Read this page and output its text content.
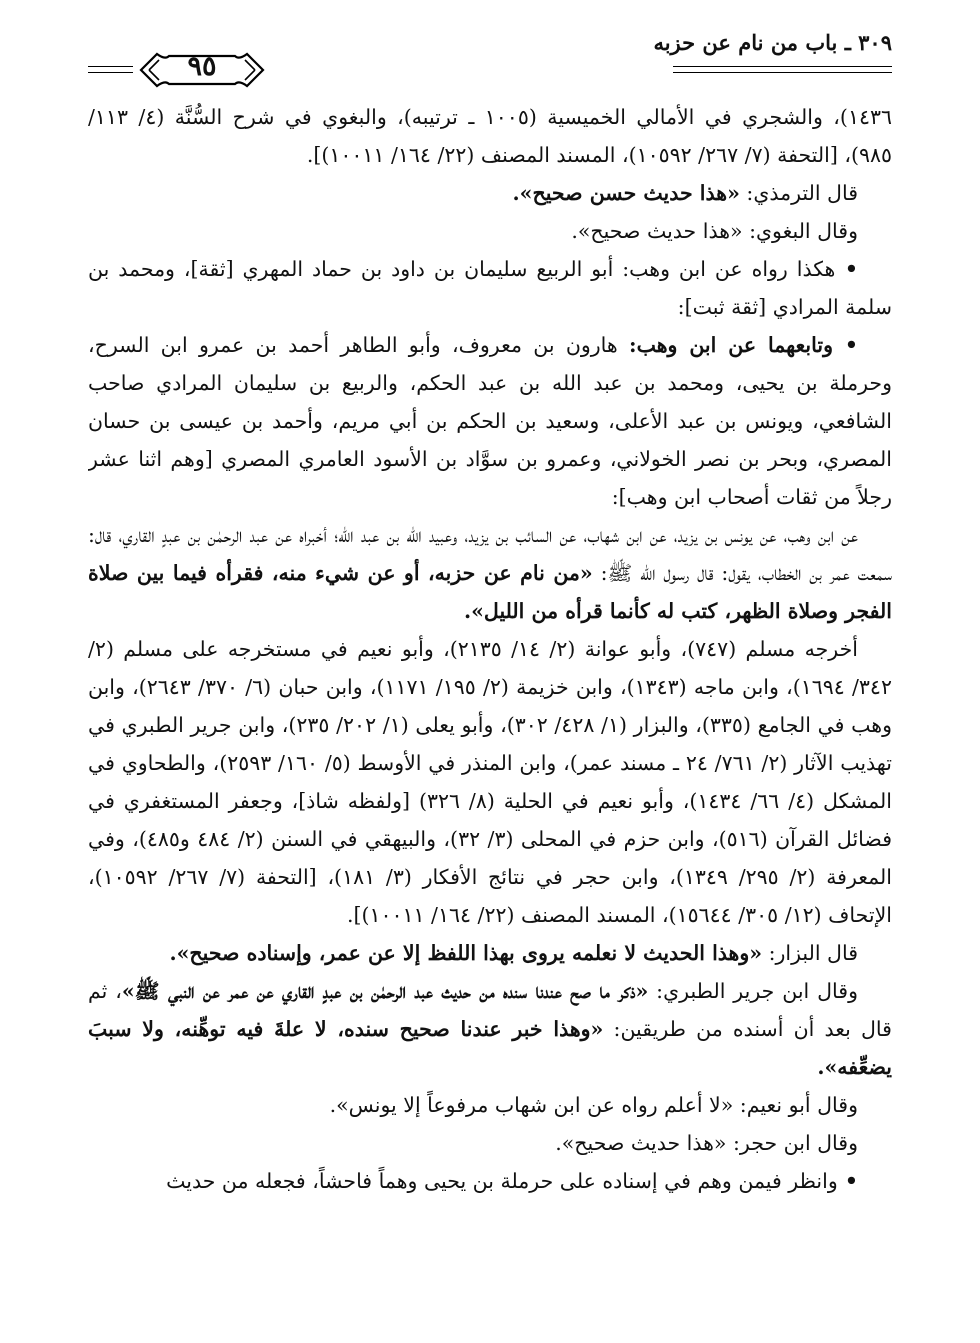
٣٠٩ ـ باب من نام عن حزبه
٩٥

١٤٣٦)، والشجري في الأمالي الخميسية (١٠٠٥ ـ ترتيبه)، والبغوي في شرح السُّنَّة (٤/ ١١٣/ ٩٨٥)، [التحفة (٧/ ٢٦٧/ ١٠٥٩٢)، المسند المصنف (٢٢/ ١٦٤/ ١٠٠١١)].

قال الترمذي: «هذا حديث حسن صحيح».

وقال البغوي: «هذا حديث صحيح».

• هكذا رواه عن ابن وهب: أبو الربيع سليمان بن داود بن حماد المهري [ثقة]، ومحمد بن سلمة المرادي [ثقة ثبت]:

• وتابعهما عن ابن وهب: هارون بن معروف، وأبو الطاهر أحمد بن عمرو ابن السرح، وحرملة بن يحيى، ومحمد بن عبد الله بن عبد الحكم، والربيع بن سليمان المرادي صاحب الشافعي، ويونس بن عبد الأعلى، وسعيد بن الحكم بن أبي مريم، وأحمد بن عيسى بن حسان المصري، وبحر بن نصر الخولاني، وعمرو بن سوَّاد بن الأسود العامري المصري [وهم اثنا عشر رجلاً من ثقات أصحاب ابن وهب]:

عن ابن وهب، عن يونس بن يزيد، عن ابن شهاب، عن السائب بن يزيد، وعبيد الله بن عبد الله؛ أخبراه عن عبد الرحمٰن بن عبدٍ القاري، قال: سمعت عمر بن الخطاب، يقول: قال رسول الله ﷺ: «من نام عن حزبه، أو عن شيء منه، فقرأه فيما بين صلاة الفجر وصلاة الظهر، كتب له كأنما قرأه من الليل».

أخرجه مسلم (٧٤٧)، وأبو عوانة (٢/ ١٤/ ٢١٣٥)، وأبو نعيم في مستخرجه على مسلم (٢/ ٣٤٢/ ١٦٩٤)، وابن ماجه (١٣٤٣)، وابن خزيمة (٢/ ١٩٥/ ١١٧١)، وابن حبان (٦/ ٣٧٠/ ٢٦٤٣)، وابن وهب في الجامع (٣٣٥)، والبزار (١/ ٤٢٨/ ٣٠٢)، وأبو يعلى (١/ ٢٠٢/ ٢٣٥)، وابن جرير الطبري في تهذيب الآثار (٢/ ٧٦١/ ٢٤ ـ مسند عمر)، وابن المنذر في الأوسط (٥/ ١٦٠/ ٢٥٩٣)، والطحاوي في المشكل (٤/ ٦٦/ ١٤٣٤)، وأبو نعيم في الحلية (٨/ ٣٢٦) [ولفظه شاذ]، وجعفر المستغفري في فضائل القرآن (٥١٦)، وابن حزم في المحلى (٣/ ٣٢)، والبيهقي في السنن (٢/ ٤٨٤ و٤٨٥)، وفي المعرفة (٢/ ٢٩٥/ ١٣٤٩)، وابن حجر في نتائج الأفكار (٣/ ١٨١)، [التحفة (٧/ ٢٦٧/ ١٠٥٩٢)، الإتحاف (١٢/ ٣٠٥/ ١٥٦٤٤)، المسند المصنف (٢٢/ ١٦٤/ ١٠٠١١)].

قال البزار: «وهذا الحديث لا نعلمه يروى بهذا اللفظ إلا عن عمر، وإسناده صحيح».

وقال ابن جرير الطبري: «ذكر ما صح عندنا سنده من حديث عبد الرحمٰن بن عبدٍ القاري عن عمر عن النبي ﷺ»، ثم قال بعد أن أسنده من طريقين: «وهذا خبر عندنا صحيح سنده، لا علةَ فيه توهِّنه، ولا سببَ يضعِّفه».

وقال أبو نعيم: «لا أعلم رواه عن ابن شهاب مرفوعاً إلا يونس».

وقال ابن حجر: «هذا حديث صحيح».

• وانظر فيمن وهم في إسناده على حرملة بن يحيى وهماً فاحشاً، فجعله من حديث
